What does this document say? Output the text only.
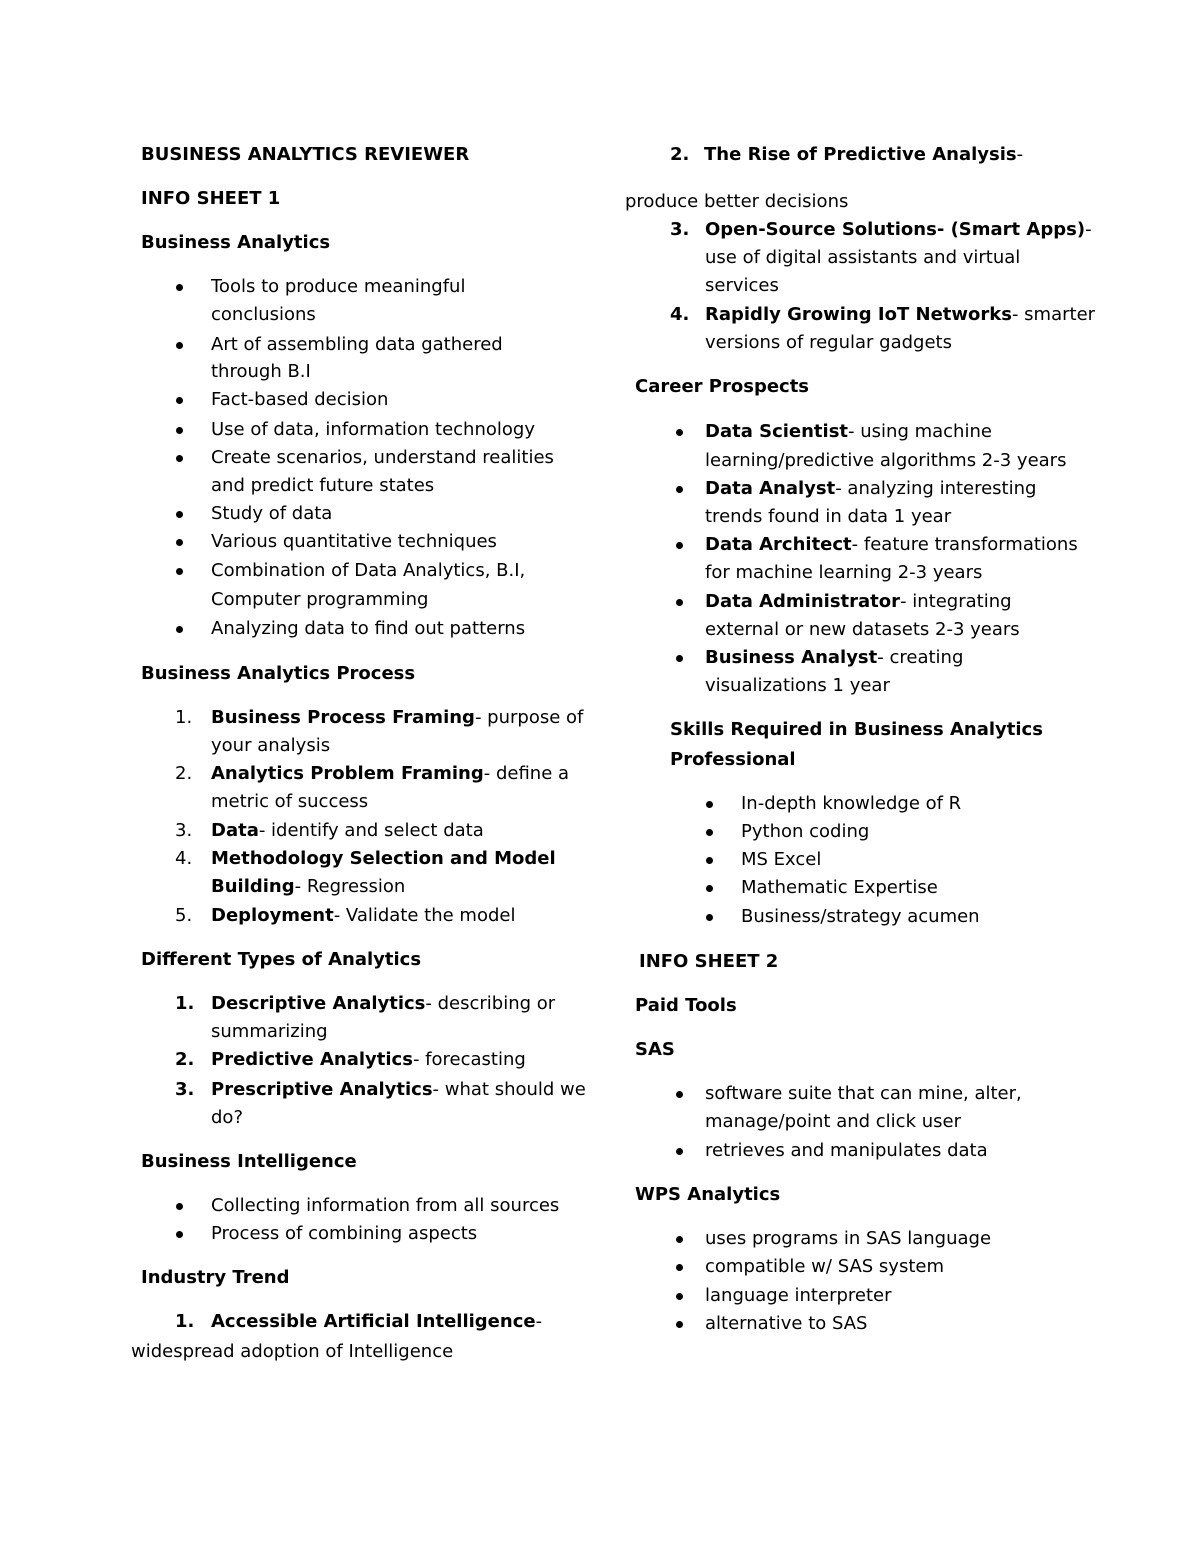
BUSINESS ANALYTICS REVIEWER
INFO SHEET 1
Business Analytics
Tools to produce meaningful
conclusions
Art of assembling data gathered
through B.I
Fact-based decision
Use of data, information technology
Create scenarios, understand realities
and predict future states
Study of data
Various quantitative techniques
Combination of Data Analytics, B.I,
Computer programming
Analyzing data to find out patterns
Business Analytics Process
1. Business Process Framing- purpose of
your analysis
2. Analytics Problem Framing- define a
metric of success
3. Data- identify and select data
4. Methodology Selection and Model
Building- Regression
5. Deployment- Validate the model
Different Types of Analytics
1. Descriptive Analytics- describing or
summarizing
2. Predictive Analytics- forecasting
3. Prescriptive Analytics- what should we
do?
Business Intelligence
Collecting information from all sources
Process of combining aspects
Industry Trend
1. Accessible Artificial Intelligence-
widespread adoption of Intelligence
2. The Rise of Predictive Analysis-
produce better decisions
3. Open-Source Solutions- (Smart Apps)-
use of digital assistants and virtual
services
4. Rapidly Growing IoT Networks- smarter
versions of regular gadgets
Career Prospects
Data Scientist- using machine
learning/predictive algorithms 2-3 years
Data Analyst- analyzing interesting
trends found in data 1 year
Data Architect- feature transformations
for machine learning 2-3 years
Data Administrator- integrating
external or new datasets 2-3 years
Business Analyst- creating
visualizations 1 year
Skills Required in Business Analytics
Professional
In-depth knowledge of R
Python coding
MS Excel
Mathematic Expertise
Business/strategy acumen
INFO SHEET 2
Paid Tools
SAS
software suite that can mine, alter,
manage/point and click user
retrieves and manipulates data
WPS Analytics
uses programs in SAS language
compatible w/ SAS system
language interpreter
alternative to SAS
